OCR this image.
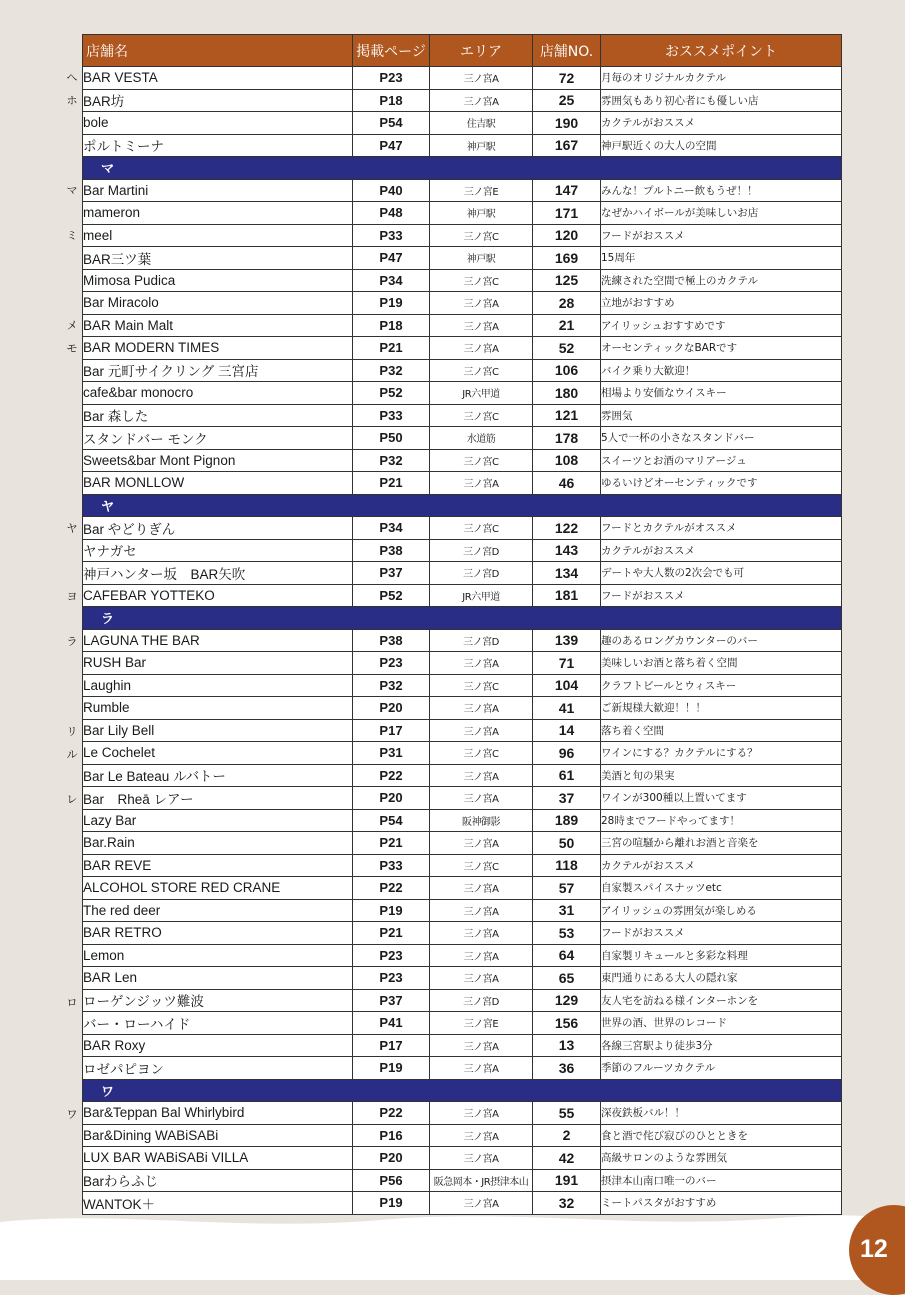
へ
ホ
マ
ミ
メ
モ
ヤ
ヨ
ラ
リ
ル
レ
ロ
ワ
店舗名	掲載ページ	エリア	店舗NO.	おススメポイント
BAR VESTA	P23	三ノ宮A	72	月毎のオリジナルカクテル
BAR坊	P18	三ノ宮A	25	雰囲気もあり初心者にも優しい店
bole	P54	住吉駅	190	カクテルがおススメ
ポルトミーナ	P47	神戸駅	167	神戸駅近くの大人の空間
マ				
Bar Martini	P40	三ノ宮E	147	みんな！プルトニー飲もうぜ！！
mameron	P48	神戸駅	171	なぜかハイボールが美味しいお店
meel	P33	三ノ宮C	120	フードがおススメ
BAR三ツ葉	P47	神戸駅	169	15周年
Mimosa Pudica	P34	三ノ宮C	125	洗練された空間で極上のカクテル
Bar Miracolo	P19	三ノ宮A	28	立地がおすすめ
BAR Main Malt	P18	三ノ宮A	21	アイリッシュおすすめです
BAR MODERN TIMES	P21	三ノ宮A	52	オーセンティックなBARです
Bar 元町サイクリング 三宮店	P32	三ノ宮C	106	バイク乗り大歓迎！
cafe&bar monocro	P52	JR六甲道	180	相場より安価なウイスキー
Bar 森した	P33	三ノ宮C	121	雰囲気
スタンドバー モンク	P50	水道筋	178	5人で一杯の小さなスタンドバー
Sweets&bar Mont Pignon	P32	三ノ宮C	108	スイーツとお酒のマリアージュ
BAR MONLLOW	P21	三ノ宮A	46	ゆるいけどオーセンティックです
ヤ				
Bar やどりぎん	P34	三ノ宮C	122	フードとカクテルがオススメ
ヤナガセ	P38	三ノ宮D	143	カクテルがおススメ
神戸ハンター坂　BAR矢吹	P37	三ノ宮D	134	デートや大人数の2次会でも可
CAFEBAR YOTTEKO	P52	JR六甲道	181	フードがおススメ
ラ				
LAGUNA THE BAR	P38	三ノ宮D	139	趣のあるロングカウンターのバー
RUSH Bar	P23	三ノ宮A	71	美味しいお酒と落ち着く空間
Laughin	P32	三ノ宮C	104	クラフトビールとウィスキー
Rumble	P20	三ノ宮A	41	ご新規様大歓迎！！！
Bar Lily Bell	P17	三ノ宮A	14	落ち着く空間
Le Cochelet	P31	三ノ宮C	96	ワインにする？カクテルにする？
Bar Le Bateau ルバトー	P22	三ノ宮A	61	美酒と旬の果実
Bar　Rheā レアー	P20	三ノ宮A	37	ワインが300種以上置いてます
Lazy Bar	P54	阪神御影	189	28時までフードやってます！
Bar.Rain	P21	三ノ宮A	50	三宮の喧騒から離れお酒と音楽を
BAR REVE	P33	三ノ宮C	118	カクテルがおススメ
ALCOHOL STORE RED CRANE	P22	三ノ宮A	57	自家製スパイスナッツetc
The red deer	P19	三ノ宮A	31	アイリッシュの雰囲気が楽しめる
BAR RETRO	P21	三ノ宮A	53	フードがおススメ
Lemon	P23	三ノ宮A	64	自家製リキュールと多彩な料理
BAR Len	P23	三ノ宮A	65	東門通りにある大人の隠れ家
ローゲンジッツ難波	P37	三ノ宮D	129	友人宅を訪ねる様インターホンを
バー・ローハイド	P41	三ノ宮E	156	世界の酒、世界のレコード
BAR Roxy	P17	三ノ宮A	13	各線三宮駅より徒歩3分
ロゼパピヨン	P19	三ノ宮A	36	季節のフルーツカクテル
ワ				
Bar&Teppan Bal Whirlybird	P22	三ノ宮A	55	深夜鉄板バル！！
Bar&Dining WABiSABi	P16	三ノ宮A	2	食と酒で侘び寂びのひとときを
LUX BAR WABiSABi VILLA	P20	三ノ宮A	42	高級サロンのような雰囲気
Barわらふじ	P56	阪急岡本・JR摂津本山	191	摂津本山南口唯一のバー
WANTOK＋	P19	三ノ宮A	32	ミートパスタがおすすめ
12
